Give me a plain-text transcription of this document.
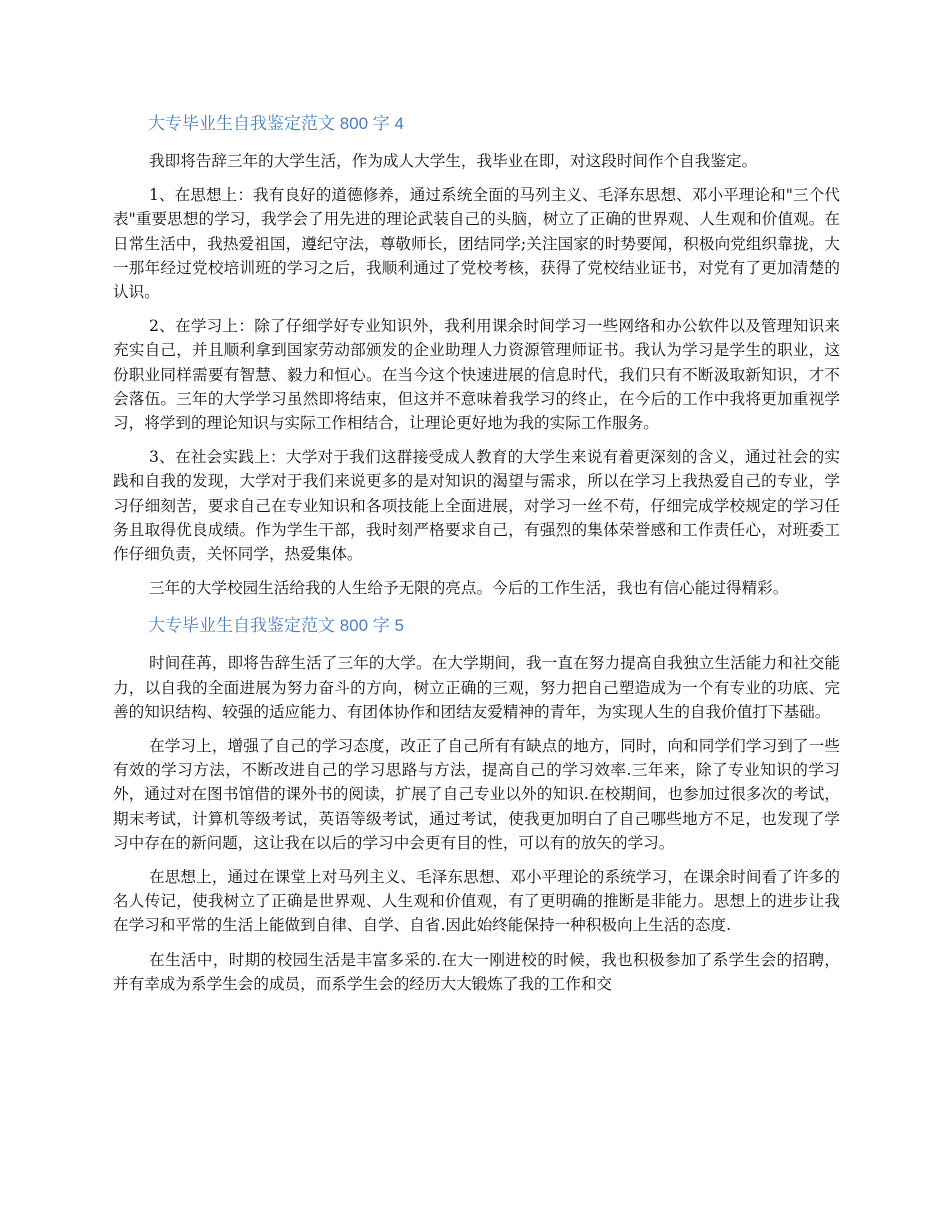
大专毕业生自我鉴定范文 800 字 4

我即将告辞三年的大学生活，作为成人大学生，我毕业在即，对这段时间作个自我鉴定。

1、在思想上：我有良好的道德修养，通过系统全面的马列主义、毛泽东思想、邓小平理论和"三个代表"重要思想的学习，我学会了用先进的理论武装自己的头脑，树立了正确的世界观、人生观和价值观。在日常生活中，我热爱祖国，遵纪守法，尊敬师长，团结同学;关注国家的时势要闻，积极向党组织靠拢，大一那年经过党校培训班的学习之后，我顺利通过了党校考核，获得了党校结业证书，对党有了更加清楚的认识。

2、在学习上：除了仔细学好专业知识外，我利用课余时间学习一些网络和办公软件以及管理知识来充实自己，并且顺利拿到国家劳动部颁发的企业助理人力资源管理师证书。我认为学习是学生的职业，这份职业同样需要有智慧、毅力和恒心。在当今这个快速进展的信息时代，我们只有不断汲取新知识，才不会落伍。三年的大学学习虽然即将结束，但这并不意味着我学习的终止，在今后的工作中我将更加重视学习，将学到的理论知识与实际工作相结合，让理论更好地为我的实际工作服务。

3、在社会实践上：大学对于我们这群接受成人教育的大学生来说有着更深刻的含义，通过社会的实践和自我的发现，大学对于我们来说更多的是对知识的渴望与需求，所以在学习上我热爱自己的专业，学习仔细刻苦，要求自己在专业知识和各项技能上全面进展，对学习一丝不苟，仔细完成学校规定的学习任务且取得优良成绩。作为学生干部，我时刻严格要求自己，有强烈的集体荣誉感和工作责任心，对班委工作仔细负责，关怀同学，热爱集体。

三年的大学校园生活给我的人生给予无限的亮点。今后的工作生活，我也有信心能过得精彩。

大专毕业生自我鉴定范文 800 字 5

时间荏苒，即将告辞生活了三年的大学。在大学期间，我一直在努力提高自我独立生活能力和社交能力，以自我的全面进展为努力奋斗的方向，树立正确的三观，努力把自己塑造成为一个有专业的功底、完善的知识结构、较强的适应能力、有团体协作和团结友爱精神的青年，为实现人生的自我价值打下基础。

在学习上，增强了自己的学习态度，改正了自己所有有缺点的地方，同时，向和同学们学习到了一些有效的学习方法，不断改进自己的学习思路与方法，提高自己的学习效率.三年来，除了专业知识的学习外，通过对在图书馆借的课外书的阅读，扩展了自己专业以外的知识.在校期间，也参加过很多次的考试，期末考试，计算机等级考试，英语等级考试，通过考试，使我更加明白了自己哪些地方不足，也发现了学习中存在的新问题，这让我在以后的学习中会更有目的性，可以有的放矢的学习。

在思想上，通过在课堂上对马列主义、毛泽东思想、邓小平理论的系统学习，在课余时间看了许多的名人传记，使我树立了正确是世界观、人生观和价值观，有了更明确的推断是非能力。思想上的进步让我在学习和平常的生活上能做到自律、自学、自省.因此始终能保持一种积极向上生活的态度.

在生活中，时期的校园生活是丰富多采的.在大一刚进校的时候，我也积极参加了系学生会的招聘，并有幸成为系学生会的成员，而系学生会的经历大大锻炼了我的工作和交
